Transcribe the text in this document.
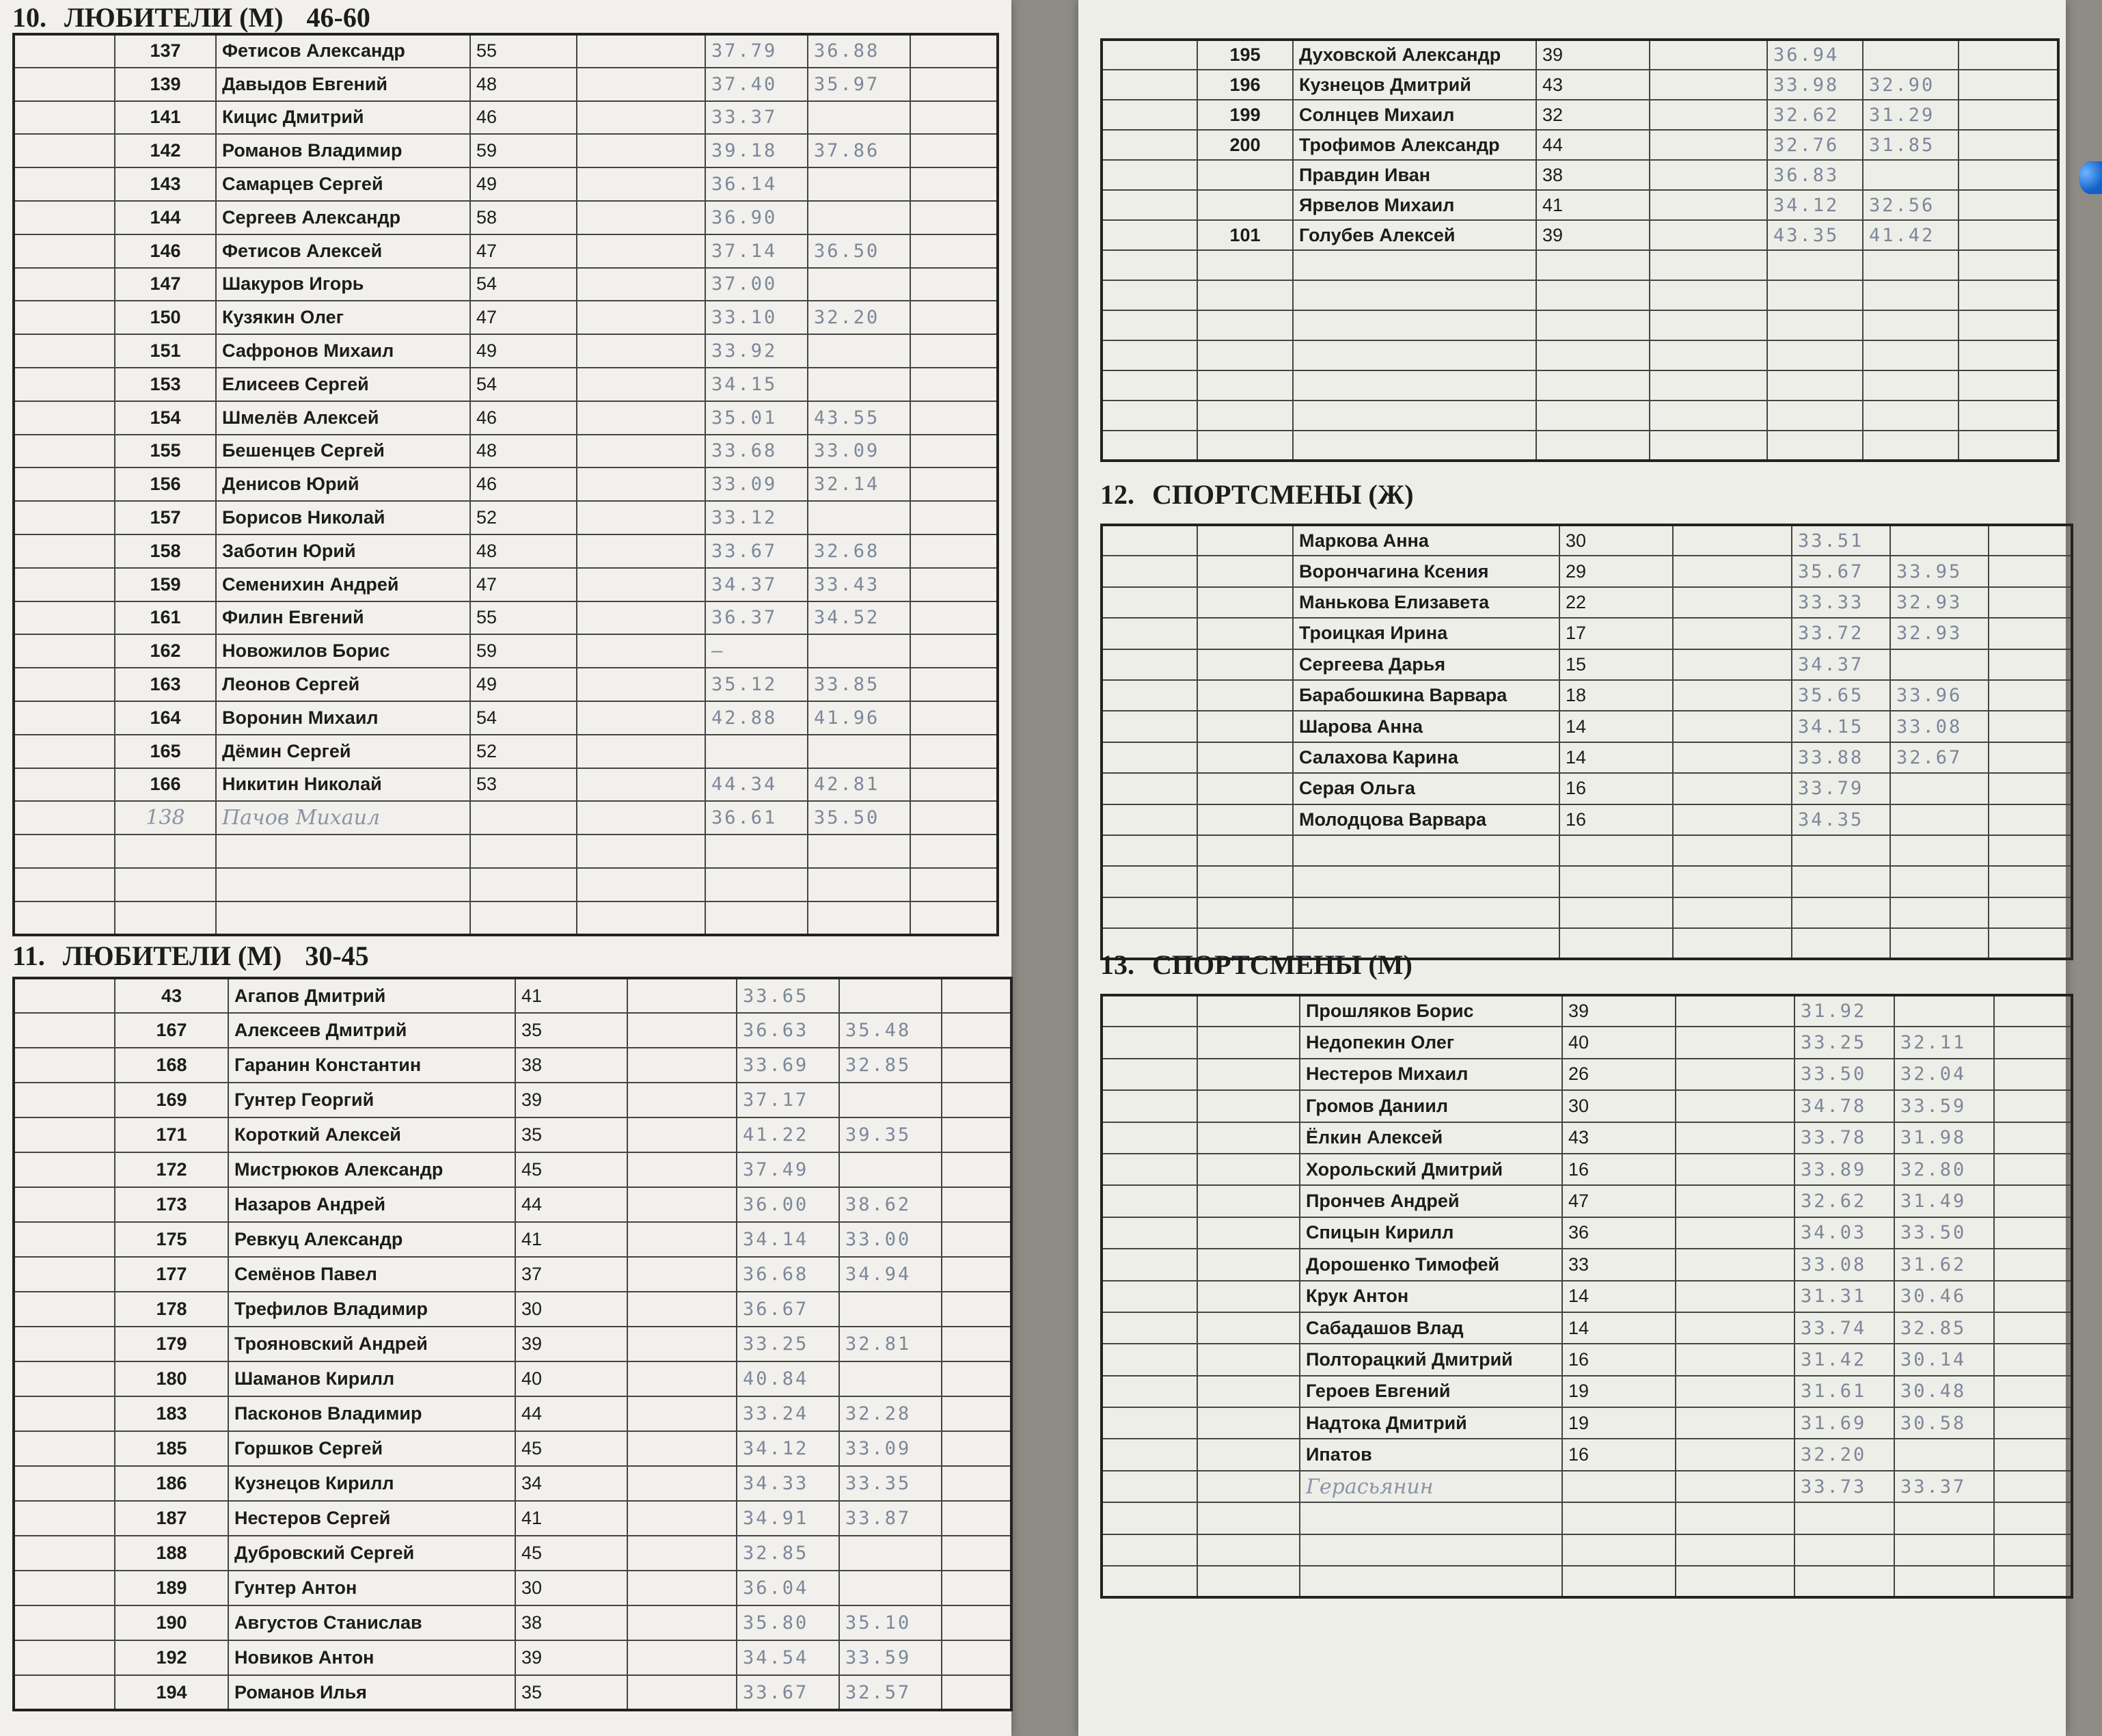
10. ЛЮБИТЕЛИ (М) 46-60
	137	Фетисов Александр	55		37.79	36.88	
	139	Давыдов Евгений	48		37.40	35.97	
	141	Кицис Дмитрий	46		33.37		
	142	Романов Владимир	59		39.18	37.86	
	143	Самарцев Сергей	49		36.14		
	144	Сергеев Александр	58		36.90		
	146	Фетисов Алексей	47		37.14	36.50	
	147	Шакуров Игорь	54		37.00		
	150	Кузякин Олег	47		33.10	32.20	
	151	Сафронов Михаил	49		33.92		
	153	Елисеев Сергей	54		34.15		
	154	Шмелёв Алексей	46		35.01	43.55	
	155	Бешенцев Сергей	48		33.68	33.09	
	156	Денисов Юрий	46		33.09	32.14	
	157	Борисов Николай	52		33.12		
	158	Заботин Юрий	48		33.67	32.68	
	159	Семенихин Андрей	47		34.37	33.43	
	161	Филин Евгений	55		36.37	34.52	
	162	Новожилов Борис	59		—		
	163	Леонов Сергей	49		35.12	33.85	
	164	Воронин Михаил	54		42.88	41.96	
	165	Дёмин Сергей	52				
	166	Никитин Николай	53		44.34	42.81	
	138	Пачов Михаил			36.61	35.50	

11. ЛЮБИТЕЛИ (М) 30-45
	43	Агапов Дмитрий	41		33.65		
	167	Алексеев Дмитрий	35		36.63	35.48	
	168	Гаранин Константин	38		33.69	32.85	
	169	Гунтер Георгий	39		37.17		
	171	Короткий Алексей	35		41.22	39.35	
	172	Мистрюков Александр	45		37.49		
	173	Назаров Андрей	44		36.00	38.62	
	175	Ревкуц Александр	41		34.14	33.00	
	177	Семёнов Павел	37		36.68	34.94	
	178	Трефилов Владимир	30		36.67		
	179	Трояновский Андрей	39		33.25	32.81	
	180	Шаманов Кирилл	40		40.84		
	183	Пасконов Владимир	44		33.24	32.28	
	185	Горшков Сергей	45		34.12	33.09	
	186	Кузнецов Кирилл	34		34.33	33.35	
	187	Нестеров Сергей	41		34.91	33.87	
	188	Дубровский Сергей	45		32.85		
	189	Гунтер Антон	30		36.04		
	190	Августов Станислав	38		35.80	35.10	
	192	Новиков Антон	39		34.54	33.59	
	194	Романов Илья	35		33.67	32.57	
	195	Духовской Александр	39		36.94		
	196	Кузнецов Дмитрий	43		33.98	32.90	
	199	Солнцев Михаил	32		32.62	31.29	
	200	Трофимов Александр	44		32.76	31.85	
		Правдин Иван	38		36.83		
		Ярвелов Михаил	41		34.12	32.56	
	101	Голубев Алексей	39		43.35	41.42	

12. СПОРТСМЕНЫ (Ж)
		Маркова Анна	30		33.51		
		Ворончагина Ксения	29		35.67	33.95	
		Манькова Елизавета	22		33.33	32.93	
		Троицкая Ирина	17		33.72	32.93	
		Сергеева Дарья	15		34.37		
		Барабошкина Варвара	18		35.65	33.96	
		Шарова Анна	14		34.15	33.08	
		Салахова Карина	14		33.88	32.67	
		Серая Ольга	16		33.79		
		Молодцова Варвара	16		34.35		

13. СПОРТСМЕНЫ (М)
		Прошляков Борис	39		31.92		
		Недопекин Олег	40		33.25	32.11	
		Нестеров Михаил	26		33.50	32.04	
		Громов Даниил	30		34.78	33.59	
		Ёлкин Алексей	43		33.78	31.98	
		Хорольский Дмитрий	16		33.89	32.80	
		Прончев Андрей	47		32.62	31.49	
		Спицын Кирилл	36		34.03	33.50	
		Дорошенко Тимофей	33		33.08	31.62	
		Крук Антон	14		31.31	30.46	
		Сабадашов Влад	14		33.74	32.85	
		Полторацкий Дмитрий	16		31.42	30.14	
		Героев Евгений	19		31.61	30.48	
		Надтока Дмитрий	19		31.69	30.58	
		Ипатов	16		32.20		
		Герасьянин			33.73	33.37	
